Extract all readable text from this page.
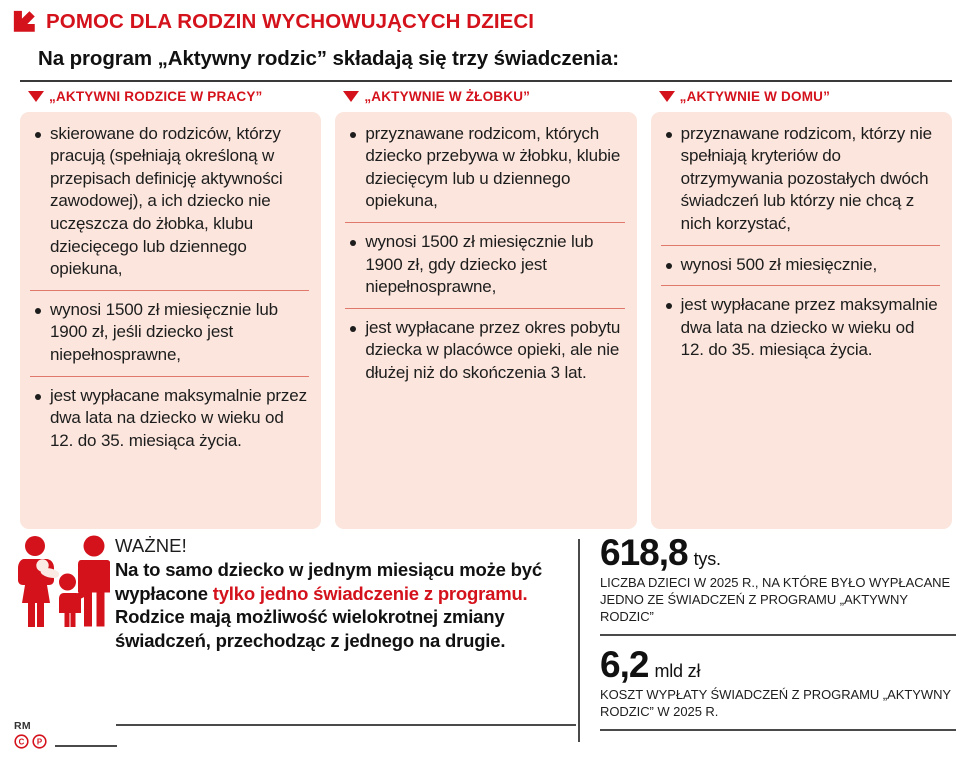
POMOC DLA RODZIN WYCHOWUJĄCYCH DZIECI
Na program „Aktywny rodzic” składają się trzy świadczenia:
„AKTYWNI RODZICE W PRACY”
skierowane do rodziców, którzy pracują (spełniają określoną w przepisach definicję aktywności zawodowej), a ich dziecko nie uczęszcza do żłobka, klubu dziecięcego lub dziennego opiekuna,
wynosi 1500 zł miesięcznie lub 1900 zł, jeśli dziecko jest niepełnosprawne,
jest wypłacane maksymalnie przez dwa lata na dziecko w wieku od 12. do 35. miesiąca życia.
„AKTYWNIE W ŻŁOBKU”
przyznawane rodzicom, których dziecko przebywa w żłobku, klubie dziecięcym lub u dziennego opiekuna,
wynosi 1500 zł miesięcznie lub 1900 zł, gdy dziecko jest niepełnosprawne,
jest wypłacane przez okres pobytu dziecka w placówce opieki, ale nie dłużej niż do skończenia 3 lat.
„AKTYWNIE W DOMU”
przyznawane rodzicom, którzy nie spełniają kryteriów do otrzymywania pozostałych dwóch świadczeń lub którzy nie chcą z nich korzystać,
wynosi 500 zł miesięcznie,
jest wypłacane przez maksymalnie dwa lata na dziecko w wieku od 12. do 35. miesiąca życia.
RM
C P
WAŻNE!
Na to samo dziecko w jednym miesiącu może być wypłacone tylko jedno świadczenie z programu. Rodzice mają możliwość wielokrotnej zmiany świadczeń, przechodząc z jednego na drugie.
618,8 tys.
LICZBA DZIECI W 2025 R., NA KTÓRE BYŁO WYPŁACANE JEDNO ZE ŚWIADCZEŃ Z PROGRAMU „AKTYWNY RODZIC”
6,2 mld zł
KOSZT WYPŁATY ŚWIADCZEŃ Z PROGRAMU „AKTYWNY RODZIC” W 2025 R.
